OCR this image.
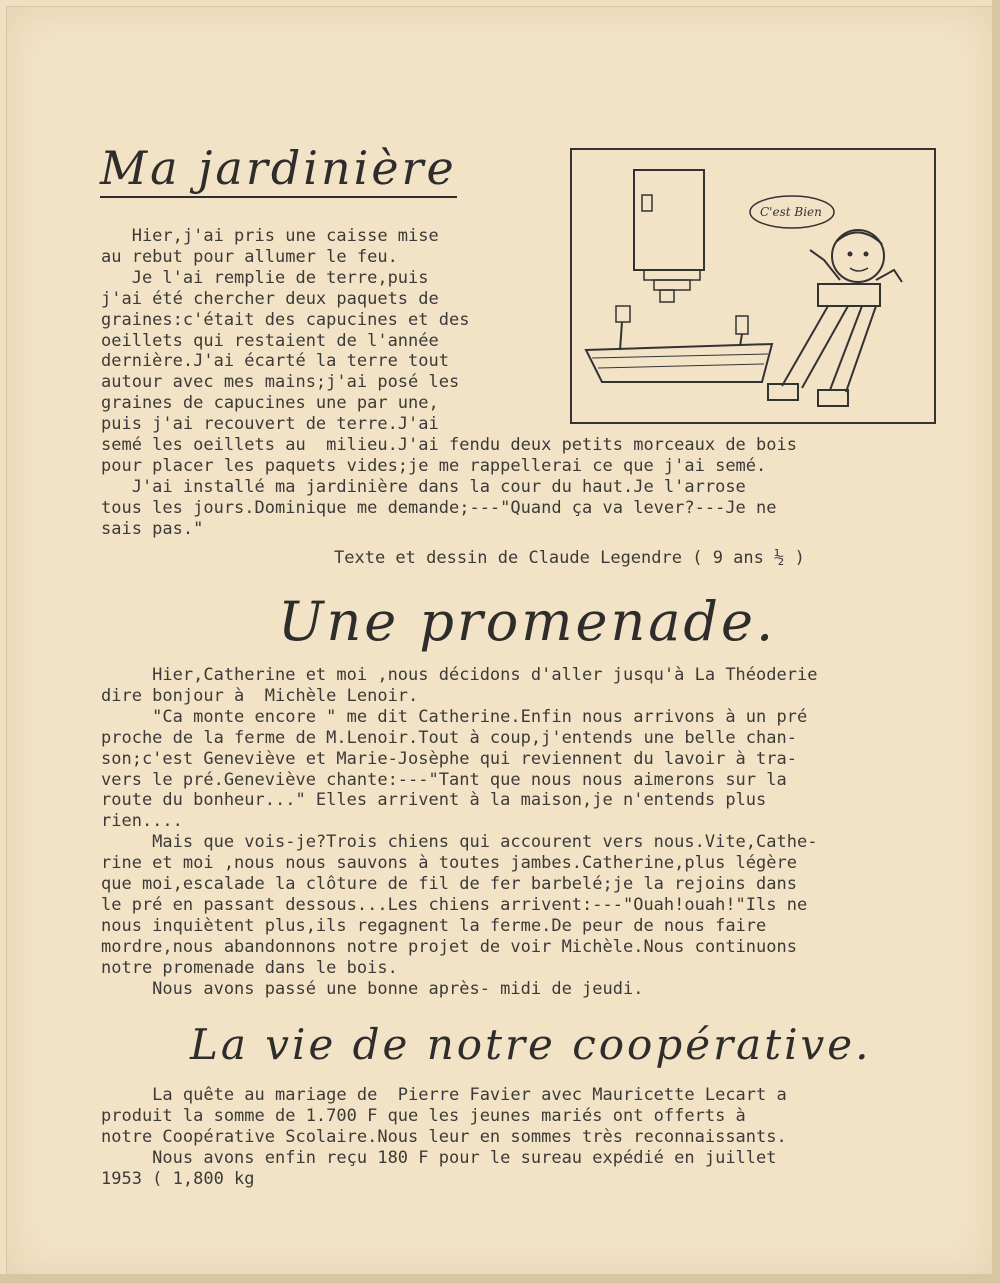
Ma jardinière
Hier,j'ai pris une caisse mise
au rebut pour allumer le feu.
Je l'ai remplie de terre,puis
j'ai été chercher deux paquets de
graines:c'était des capucines et des
oeillets qui restaient de l'année
dernière.J'ai écarté la terre tout
autour avec mes mains;j'ai posé les
graines de capucines une par une,
puis j'ai recouvert de terre.J'ai
C'est Bien
semé les oeillets au  milieu.J'ai fendu deux petits morceaux de bois
pour placer les paquets vides;je me rappellerai ce que j'ai semé.
J'ai installé ma jardinière dans la cour du haut.Je l'arrose
tous les jours.Dominique me demande;---"Quand ça va lever?---Je ne
sais pas."
Texte et dessin de Claude Legendre ( 9 ans ½ )
Une promenade.
Hier,Catherine et moi ,nous décidons d'aller jusqu'à La Théoderie
dire bonjour à  Michèle Lenoir.
"Ca monte encore " me dit Catherine.Enfin nous arrivons à un pré
proche de la ferme de M.Lenoir.Tout à coup,j'entends une belle chan-
son;c'est Geneviève et Marie-Josèphe qui reviennent du lavoir à tra-
vers le pré.Geneviève chante:---"Tant que nous nous aimerons sur la
route du bonheur..." Elles arrivent à la maison,je n'entends plus
rien....
Mais que vois-je?Trois chiens qui accourent vers nous.Vite,Cathe-
rine et moi ,nous nous sauvons à toutes jambes.Catherine,plus légère
que moi,escalade la clôture de fil de fer barbelé;je la rejoins dans
le pré en passant dessous...Les chiens arrivent:---"Ouah!ouah!"Ils ne
nous inquiètent plus,ils regagnent la ferme.De peur de nous faire
mordre,nous abandonnons notre projet de voir Michèle.Nous continuons
notre promenade dans le bois.
Nous avons passé une bonne après- midi de jeudi.
La vie de notre coopérative.
La quête au mariage de  Pierre Favier avec Mauricette Lecart a
produit la somme de 1.700 F que les jeunes mariés ont offerts à
notre Coopérative Scolaire.Nous leur en sommes très reconnaissants.
Nous avons enfin reçu 180 F pour le sureau expédié en juillet
1953 ( 1,800 kg
